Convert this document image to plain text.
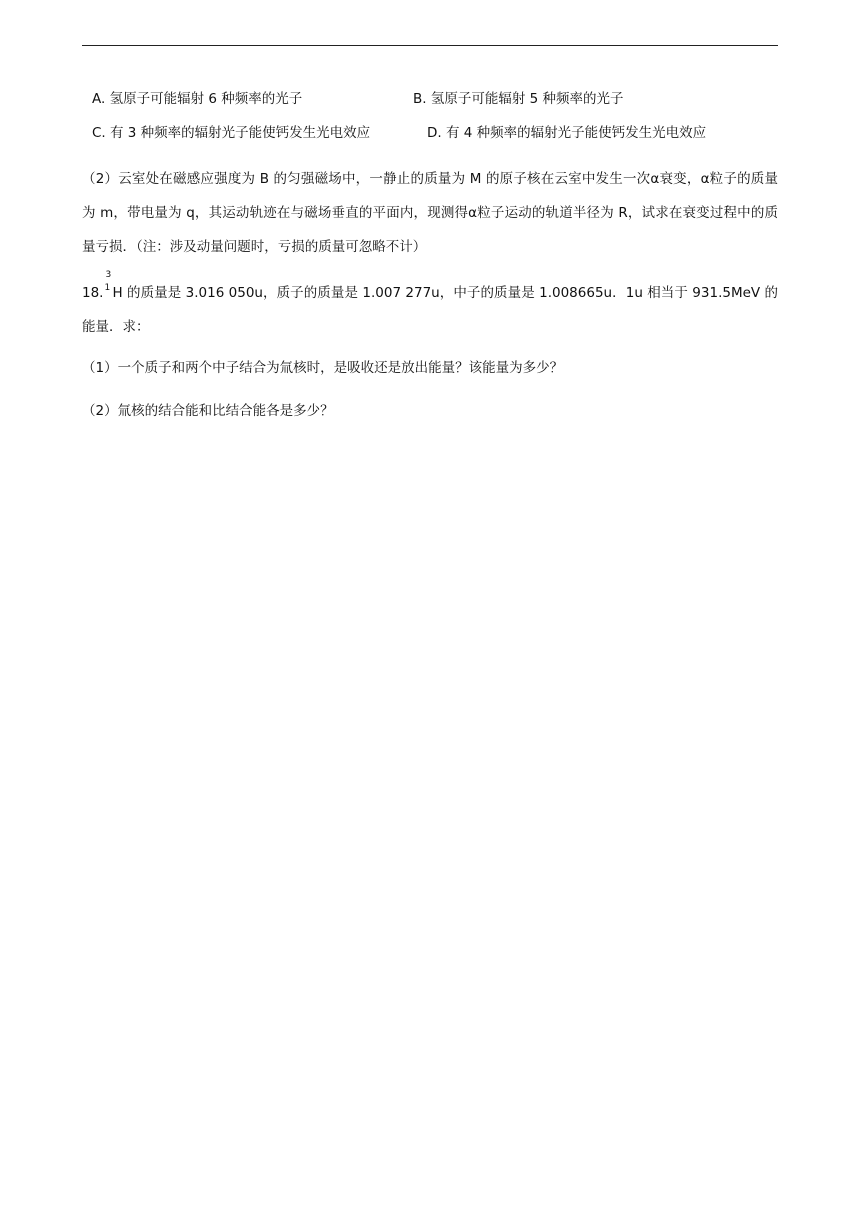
A. 氢原子可能辐射 6 种频率的光子	B. 氢原子可能辐射 5 种频率的光子
C. 有 3 种频率的辐射光子能使钙发生光电效应	D. 有 4 种频率的辐射光子能使钙发生光电效应
（2）云室处在磁感应强度为 B 的匀强磁场中，一静止的质量为 M 的原子核在云室中发生一次α衰变，α粒子的质量为 m，带电量为 q，其运动轨迹在与磁场垂直的平面内，现测得α粒子运动的轨道半径为 R，试求在衰变过程中的质量亏损．（注：涉及动量问题时，亏损的质量可忽略不计）
18.
3
1 H 的质量是 3.016 050u，质子的质量是 1.007 277u，中子的质量是 1.008665u．1u 相当于 931.5MeV 的能量．求：
（1）一个质子和两个中子结合为氚核时，是吸收还是放出能量？该能量为多少？
（2）氚核的结合能和比结合能各是多少？
